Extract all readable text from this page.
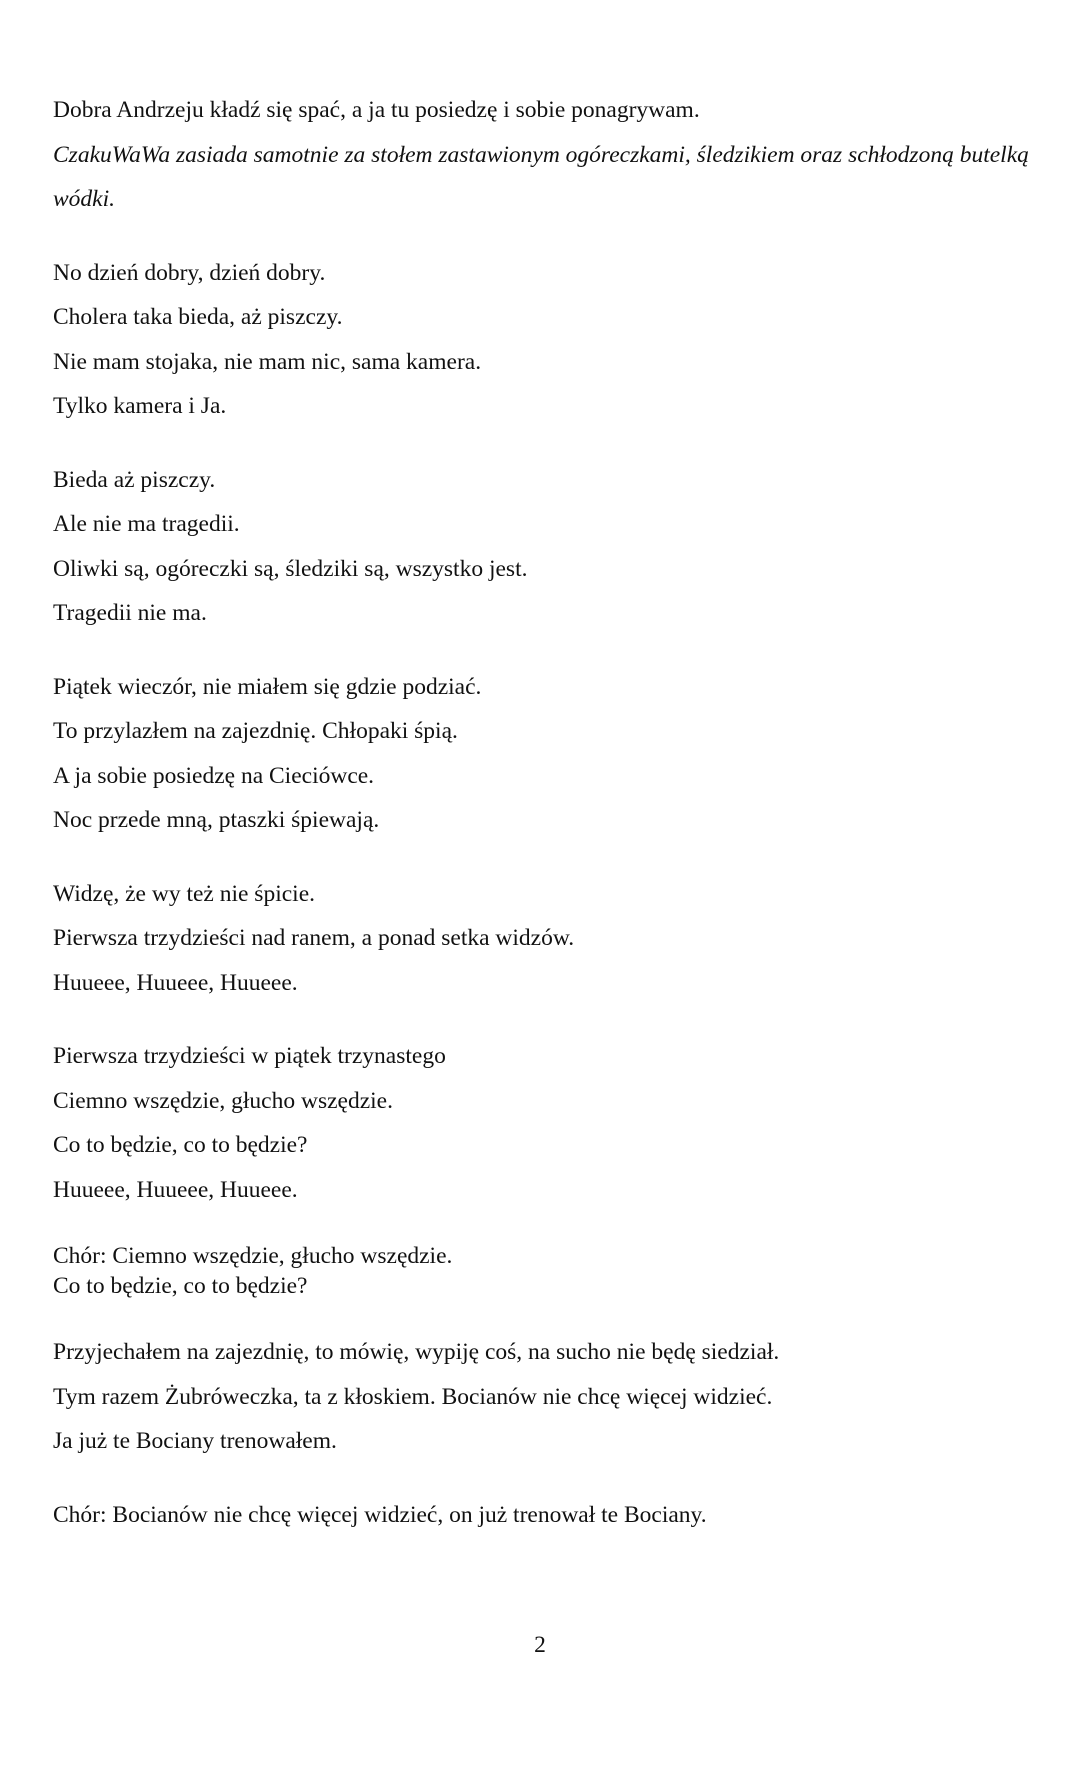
Dobra Andrzeju kładź się spać, a ja tu posiedzę i sobie ponagrywam.
CzakuWaWa zasiada samotnie za stołem zastawionym ogóreczkami, śledzikiem oraz schłodzoną butelką wódki.
No dzień dobry, dzień dobry.
Cholera taka bieda, aż piszczy.
Nie mam stojaka, nie mam nic, sama kamera.
Tylko kamera i Ja.
Bieda aż piszczy.
Ale nie ma tragedii.
Oliwki są, ogóreczki są, śledziki są, wszystko jest.
Tragedii nie ma.
Piątek wieczór, nie miałem się gdzie podziać.
To przylazłem na zajezdnię. Chłopaki śpią.
A ja sobie posiedzę na Cieciówce.
Noc przede mną, ptaszki śpiewają.
Widzę, że wy też nie śpicie.
Pierwsza trzydzieści nad ranem, a ponad setka widzów.
Huueee, Huueee, Huueee.
Pierwsza trzydzieści w piątek trzynastego
Ciemno wszędzie, głucho wszędzie.
Co to będzie, co to będzie?
Huueee, Huueee, Huueee.
Chór: Ciemno wszędzie, głucho wszędzie.
Co to będzie, co to będzie?
Przyjechałem na zajezdnię, to mówię, wypiję coś, na sucho nie będę siedział.
Tym razem Żubróweczka, ta z kłoskiem. Bocianów nie chcę więcej widzieć.
Ja już te Bociany trenowałem.
Chór: Bocianów nie chcę więcej widzieć, on już trenował te Bociany.
2
